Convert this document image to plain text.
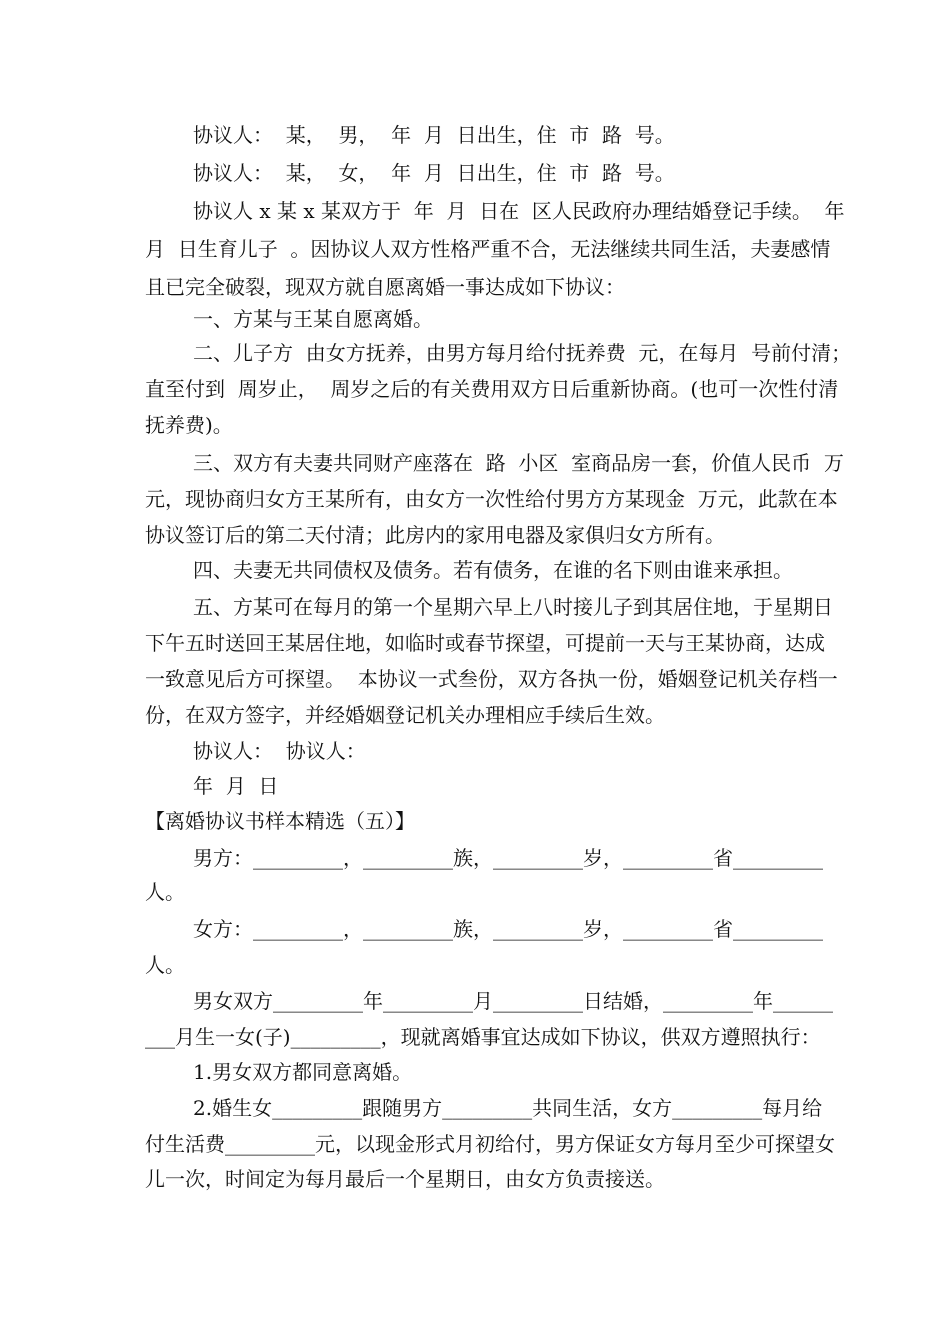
协议人：  某，  男，  年  月  日出生，住  市  路  号。
协议人：  某，  女，  年  月  日出生，住  市  路  号。
协议人 x 某 x 某双方于  年  月  日在  区人民政府办理结婚登记手续。  年
月  日生育儿子  。因协议人双方性格严重不合，无法继续共同生活，夫妻感情
且已完全破裂，现双方就自愿离婚一事达成如下协议：
一、方某与王某自愿离婚。
二、儿子方  由女方抚养，由男方每月给付抚养费  元，在每月  号前付清；
直至付到  周岁止，  周岁之后的有关费用双方日后重新协商。(也可一次性付清
抚养费)。
三、双方有夫妻共同财产座落在  路  小区  室商品房一套，价值人民币  万
元，现协商归女方王某所有，由女方一次性给付男方方某现金  万元，此款在本
协议签订后的第二天付清；此房内的家用电器及家俱归女方所有。
四、夫妻无共同债权及债务。若有债务，在谁的名下则由谁来承担。
五、方某可在每月的第一个星期六早上八时接儿子到其居住地，于星期日
下午五时送回王某居住地，如临时或春节探望，可提前一天与王某协商，达成
一致意见后方可探望。  本协议一式叁份，双方各执一份，婚姻登记机关存档一
份，在双方签字，并经婚姻登记机关办理相应手续后生效。
协议人：  协议人：
年  月  日
【离婚协议书样本精选（五）】
男方：_________，_________族，_________岁，_________省_________
人。
女方：_________，_________族，_________岁，_________省_________
人。
男女双方_________年_________月_________日结婚，_________年______
___月生一女(子)_________，现就离婚事宜达成如下协议，供双方遵照执行：
1.男女双方都同意离婚。
2.婚生女_________跟随男方_________共同生活，女方_________每月给
付生活费_________元，以现金形式月初给付，男方保证女方每月至少可探望女
儿一次，时间定为每月最后一个星期日，由女方负责接送。
